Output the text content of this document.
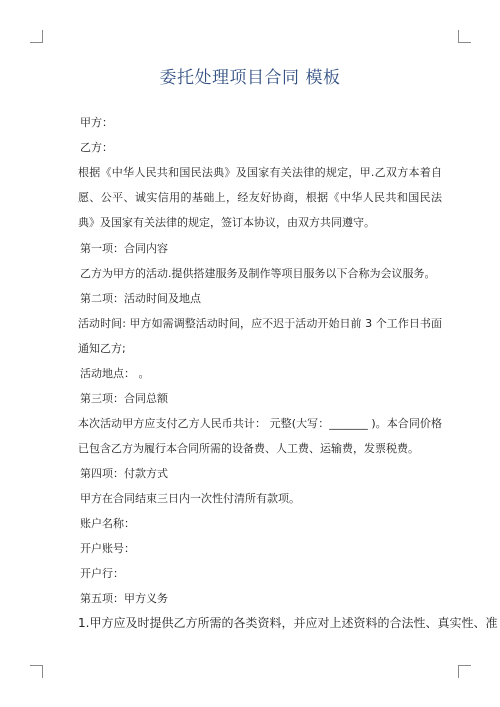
委托处理项目合同 模板

甲方：

乙方：

根据《中华人民共和国民法典》及国家有关法律的规定，甲.乙双方本着自愿、公平、诚实信用的基础上，经友好协商，根据《中华人民共和国民法典》及国家有关法律的规定，签订本协议，由双方共同遵守。

第一项：合同内容

乙方为甲方的活动.提供搭建服务及制作等项目服务以下合称为会议服务。

第二项：活动时间及地点

活动时间: 甲方如需调整活动时间，应不迟于活动开始日前 3 个工作日书面通知乙方;

活动地点： 。

第三项：合同总额

本次活动甲方应支付乙方人民币共计： 元整(大写：_______ )。本合同价格已包含乙方为履行本合同所需的设备费、人工费、运输费，发票税费。

第四项：付款方式

甲方在合同结束三日内一次性付清所有款项。

账户名称：

开户账号：

开户行：

第五项：甲方义务

1.甲方应及时提供乙方所需的各类资料，并应对上述资料的合法性、真实性、准
